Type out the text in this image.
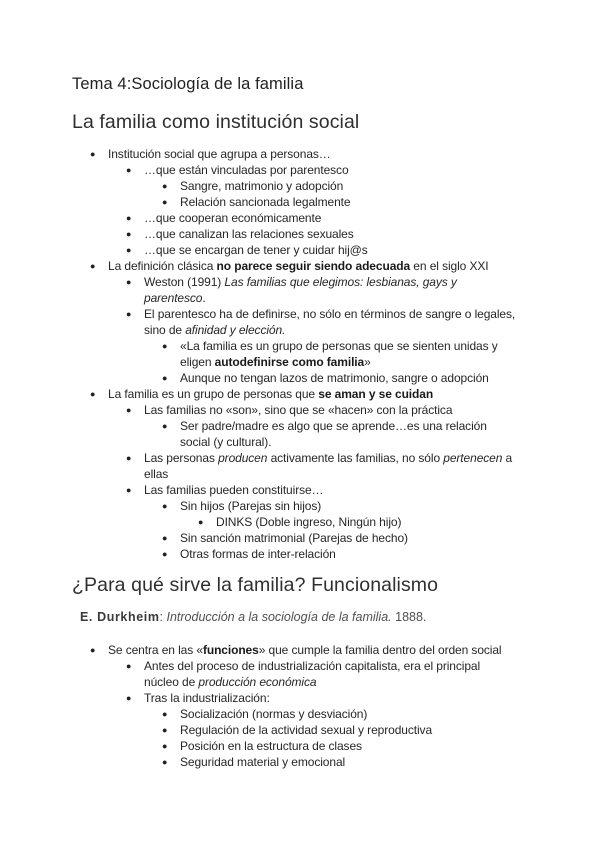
Tema 4:Sociología de la familia
La familia como institución social
● Institución social que agrupa a personas…
● …que están vinculadas por parentesco
● Sangre, matrimonio y adopción
● Relación sancionada legalmente
● …que cooperan económicamente
● …que canalizan las relaciones sexuales
● …que se encargan de tener y cuidar hij@s
● La definición clásica no parece seguir siendo adecuada en el siglo XXI
● Weston (1991) Las familias que elegimos: lesbianas, gays y parentesco.
● El parentesco ha de definirse, no sólo en términos de sangre o legales, sino de afinidad y elección.
● «La familia es un grupo de personas que se sienten unidas y eligen autodefinirse como familia»
● Aunque no tengan lazos de matrimonio, sangre o adopción
● La familia es un grupo de personas que se aman y se cuidan
● Las familias no «son», sino que se «hacen» con la práctica
● Ser padre/madre es algo que se aprende…es una relación social (y cultural).
● Las personas producen activamente las familias, no sólo pertenecen a ellas
● Las familias pueden constituirse…
● Sin hijos (Parejas sin hijos)
● DINKS (Doble ingreso, Ningún hijo)
● Sin sanción matrimonial (Parejas de hecho)
● Otras formas de inter-relación
¿Para qué sirve la familia? Funcionalismo
E. Durkheim: Introducción a la sociología de la familia. 1888.
● Se centra en las «funciones» que cumple la familia dentro del orden social
● Antes del proceso de industrialización capitalista, era el principal núcleo de producción económica
● Tras la industrialización:
● Socialización (normas y desviación)
● Regulación de la actividad sexual y reproductiva
● Posición en la estructura de clases
● Seguridad material y emocional
